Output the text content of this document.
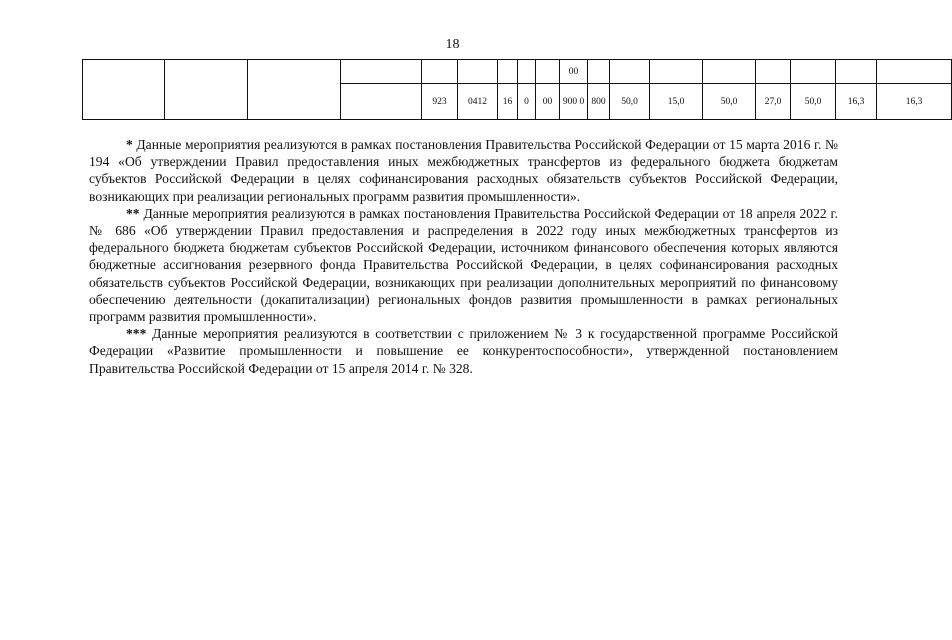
18
									00								
				923	0412	16	0	00	900 0	800	50,0	15,0	50,0	27,0	50,0	16,3	16,3

* Данные мероприятия реализуются в рамках постановления Правительства Российской Федерации от 15 марта 2016 г. № 194 «Об утверждении Правил предоставления иных межбюджетных трансфертов из федерального бюджета бюджетам субъектов Российской Федерации в целях софинансирования расходных обязательств субъектов Российской Федерации, возникающих при реализации региональных программ развития промышленности».

** Данные мероприятия реализуются в рамках постановления Правительства Российской Федерации от 18 апреля 2022 г. № 686 «Об утверждении Правил предоставления и распределения в 2022 году иных межбюджетных трансфертов из федерального бюджета бюджетам субъектов Российской Федерации, источником финансового обеспечения которых являются бюджетные ассигнования резервного фонда Правительства Российской Федерации, в целях софинансирования расходных обязательств субъектов Российской Федерации, возникающих при реализации дополнительных мероприятий по финансовому обеспечению деятельности (докапитализации) региональных фондов развития промышленности в рамках региональных программ развития промышленности».

*** Данные мероприятия реализуются в соответствии с приложением № 3 к государственной программе Российской Федерации «Развитие промышленности и повышение ее конкурентоспособности», утвержденной постановлением Правительства Российской Федерации от 15 апреля 2014 г. № 328.
